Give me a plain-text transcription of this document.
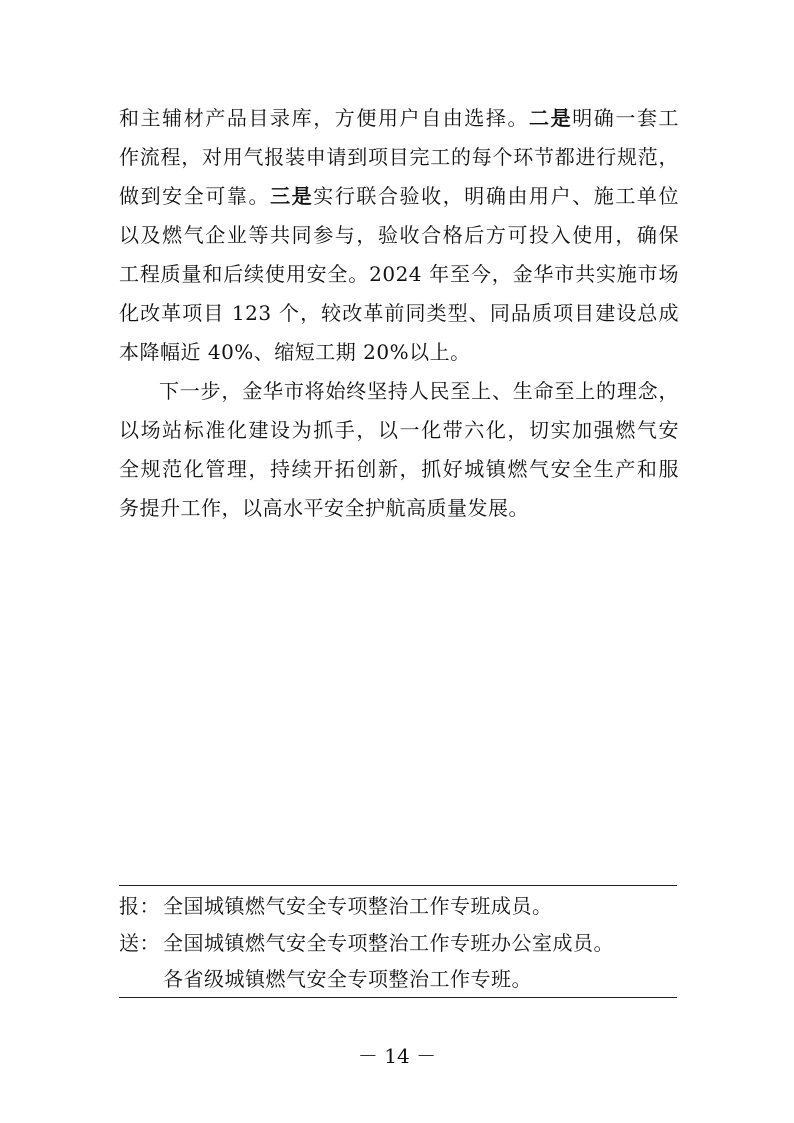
和主辅材产品目录库，方便用户自由选择。二是明确一套工
作流程，对用气报装申请到项目完工的每个环节都进行规范，
做到安全可靠。三是实行联合验收，明确由用户、施工单位
以及燃气企业等共同参与，验收合格后方可投入使用，确保
工程质量和后续使用安全。2024 年至今，金华市共实施市场
化改革项目 123 个，较改革前同类型、同品质项目建设总成
本降幅近 40%、缩短工期 20%以上。
下一步，金华市将始终坚持人民至上、生命至上的理念，
以场站标准化建设为抓手，以一化带六化，切实加强燃气安
全规范化管理，持续开拓创新，抓好城镇燃气安全生产和服
务提升工作，以高水平安全护航高质量发展。
报： 全国城镇燃气安全专项整治工作专班成员。
送： 全国城镇燃气安全专项整治工作专班办公室成员。
各省级城镇燃气安全专项整治工作专班。
－ 14 －
